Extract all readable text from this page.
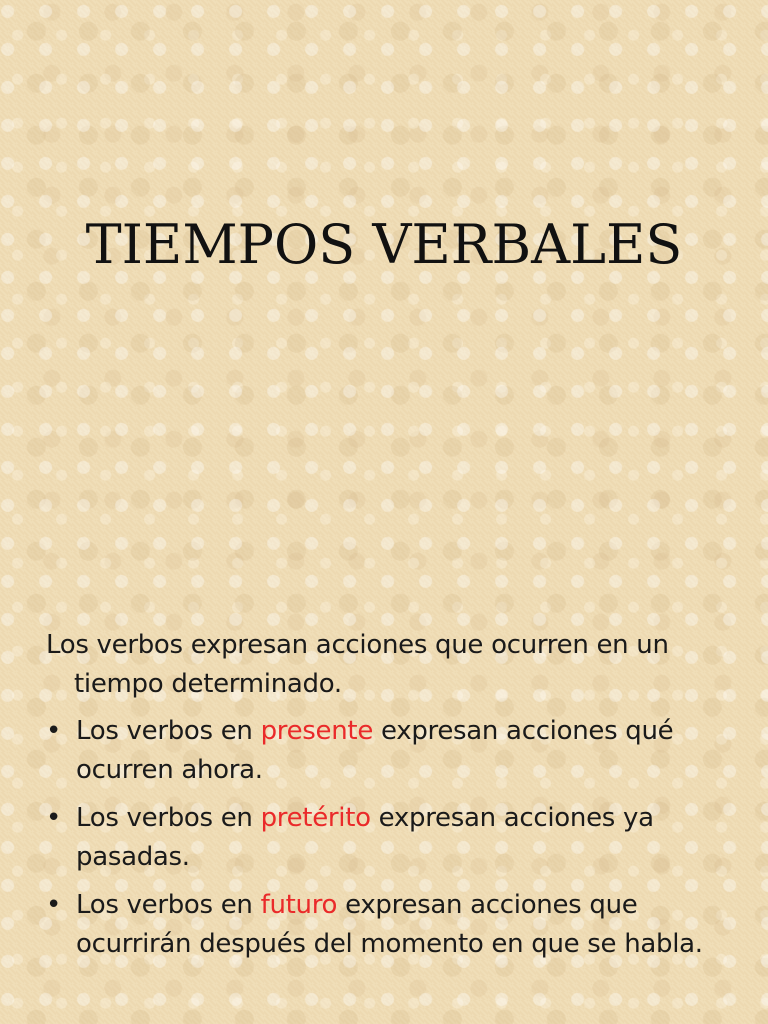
TIEMPOS VERBALES

Los verbos expresan acciones que ocurren en un tiempo determinado.

• Los verbos en presente expresan acciones qué ocurren ahora.
• Los verbos en pretérito expresan acciones ya pasadas.
• Los verbos en futuro expresan acciones que ocurrirán después del momento en que se habla.
